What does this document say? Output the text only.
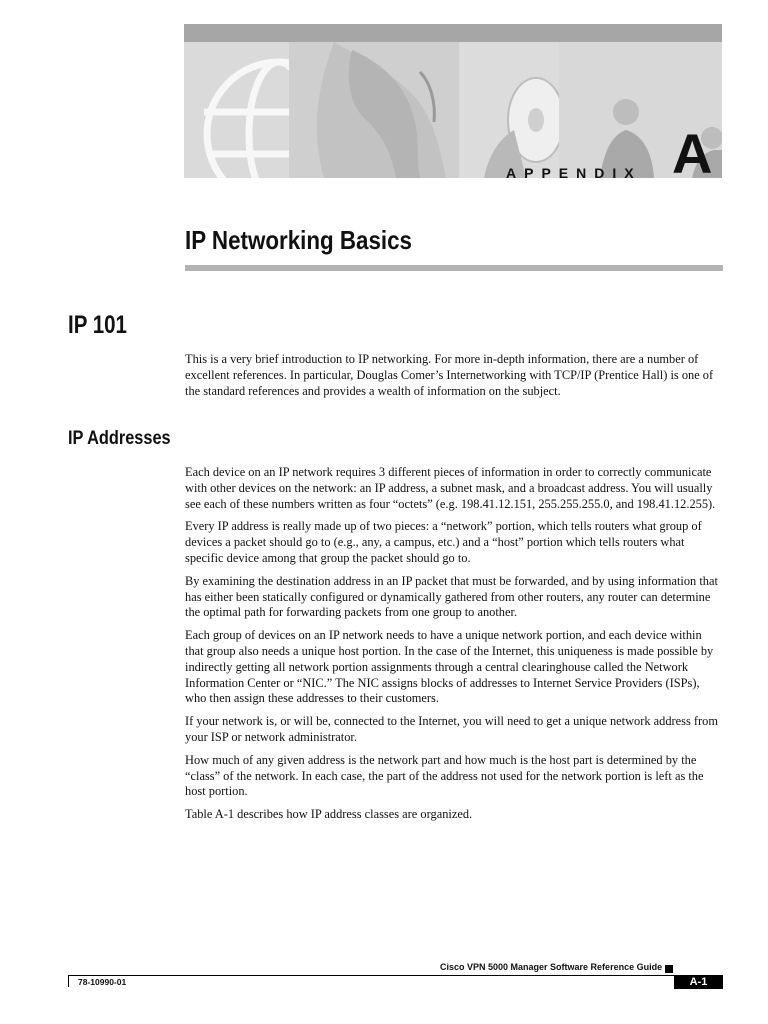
APPENDIX A
IP Networking Basics
IP 101

This is a very brief introduction to IP networking. For more in-depth information, there are a number of excellent references. In particular, Douglas Comer’s Internetworking with TCP/IP (Prentice Hall) is one of the standard references and provides a wealth of information on the subject.

IP Addresses

Each device on an IP network requires 3 different pieces of information in order to correctly communicate with other devices on the network: an IP address, a subnet mask, and a broadcast address. You will usually see each of these numbers written as four “octets” (e.g. 198.41.12.151, 255.255.255.0, and 198.41.12.255).

Every IP address is really made up of two pieces: a “network” portion, which tells routers what group of devices a packet should go to (e.g., any, a campus, etc.) and a “host” portion which tells routers what specific device among that group the packet should go to.

By examining the destination address in an IP packet that must be forwarded, and by using information that has either been statically configured or dynamically gathered from other routers, any router can determine the optimal path for forwarding packets from one group to another.

Each group of devices on an IP network needs to have a unique network portion, and each device within that group also needs a unique host portion. In the case of the Internet, this uniqueness is made possible by indirectly getting all network portion assignments through a central clearinghouse called the Network Information Center or “NIC.” The NIC assigns blocks of addresses to Internet Service Providers (ISPs), who then assign these addresses to their customers.

If your network is, or will be, connected to the Internet, you will need to get a unique network address from your ISP or network administrator.

How much of any given address is the network part and how much is the host part is determined by the “class” of the network. In each case, the part of the address not used for the network portion is left as the host portion.

Table A-1 describes how IP address classes are organized.

Cisco VPN 5000 Manager Software Reference Guide
78-10990-01	A-1
